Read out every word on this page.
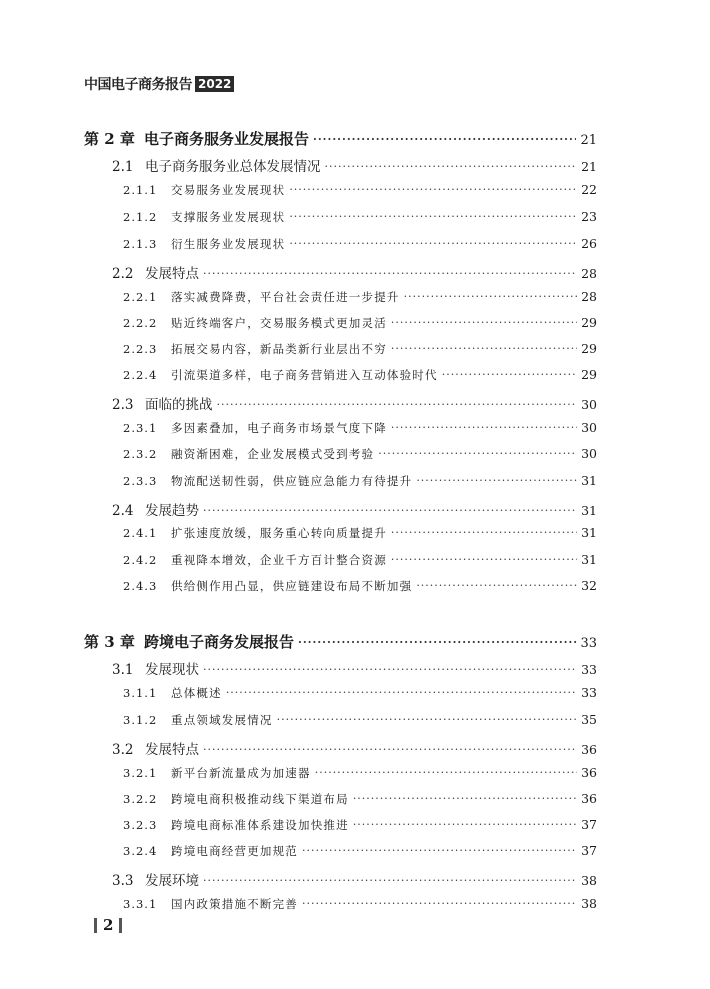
中国电子商务报告 2022
第 2 章 电子商务服务业发展报告 ·····	21
2.1 电子商务服务业总体发展情况 ·····	21
2.1.1	交易服务业发展现状 ·····	22
2.1.2	支撑服务业发展现状 ·····	23
2.1.3	衍生服务业发展现状 ·····	26
2.2 发展特点 ·····	28
2.2.1	落实减费降费，平台社会责任进一步提升 ·····	28
2.2.2	贴近终端客户，交易服务模式更加灵活 ·····	29
2.2.3	拓展交易内容，新品类新行业层出不穷 ·····	29
2.2.4	引流渠道多样，电子商务营销进入互动体验时代 ·····	29
2.3 面临的挑战 ·····	30
2.3.1	多因素叠加，电子商务市场景气度下降 ·····	30
2.3.2	融资渐困难，企业发展模式受到考验 ·····	30
2.3.3	物流配送韧性弱，供应链应急能力有待提升 ·····	31
2.4 发展趋势 ·····	31
2.4.1	扩张速度放缓，服务重心转向质量提升 ·····	31
2.4.2	重视降本增效，企业千方百计整合资源 ·····	31
2.4.3	供给侧作用凸显，供应链建设布局不断加强 ·····	32
第 3 章 跨境电子商务发展报告 ·····	33
3.1 发展现状 ·····	33
3.1.1	总体概述 ·····	33
3.1.2	重点领域发展情况 ·····	35
3.2 发展特点 ·····	36
3.2.1	新平台新流量成为加速器 ·····	36
3.2.2	跨境电商积极推动线下渠道布局 ·····	36
3.2.3	跨境电商标准体系建设加快推进 ·····	37
3.2.4	跨境电商经营更加规范 ·····	37
3.3 发展环境 ·····	38
3.3.1	国内政策措施不断完善 ·····	38
2
